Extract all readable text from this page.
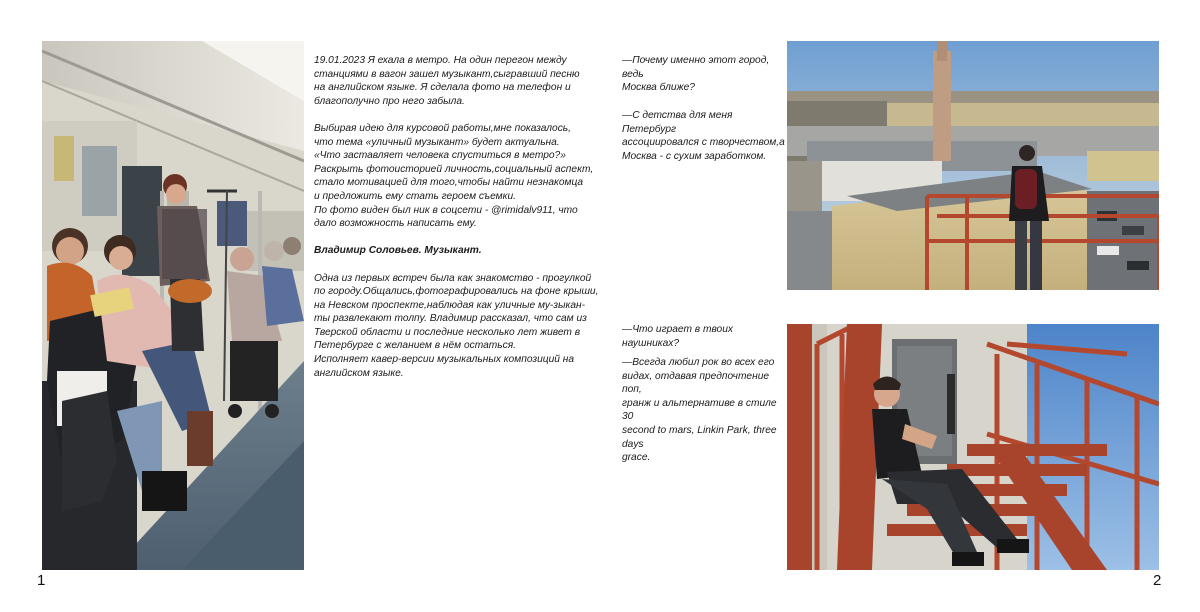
19.01.2023 Я ехала в метро. На один перегон между

станциями в вагон зашел музыкант,сыгравший песню

на английском языке. Я сделала фото на телефон и

благополучно про него забыла.

Выбирая идею для курсовой работы,мне показалось,

что тема «уличный музыкант» будет актуальна.

«Что заставляет человека спуститься в метро?»

Раскрыть фотоисторией личность,социальный аспект,

стало мотивацией для того,чтобы найти незнакомца

и предложить ему стать героем съемки.

По фото виден был ник в соцсети - @rimidalv911, что

дало возможность написать ему.

Владимир Соловьев. Музыкант.

Одна из первых встреч была как знакомство - прогулкой

по городу.Общались,фотографировались на фоне крыши,

на Невском проспекте,наблюдая как уличные му-зыкан-

ты развлекают толпу. Владимир рассказал, что сам из

Тверской области и последние несколько лет живет в

Петербурге с желанием в нём остаться.

Исполняет кавер-версии музыкальных композиций на

английском языке.

1

—Почему именно этот город, ведь

Москва ближе?

—С детства для меня Петербург

ассоциировался с творчеством,а

Москва - с сухим заработком.

—Что играет в твоих наушниках?

—Всегда любил рок во всех его

видах, отдавая предпочтение поп,

гранж и альтернативе в стиле 30

second to mars, Linkin Park, three days

grace.

2
